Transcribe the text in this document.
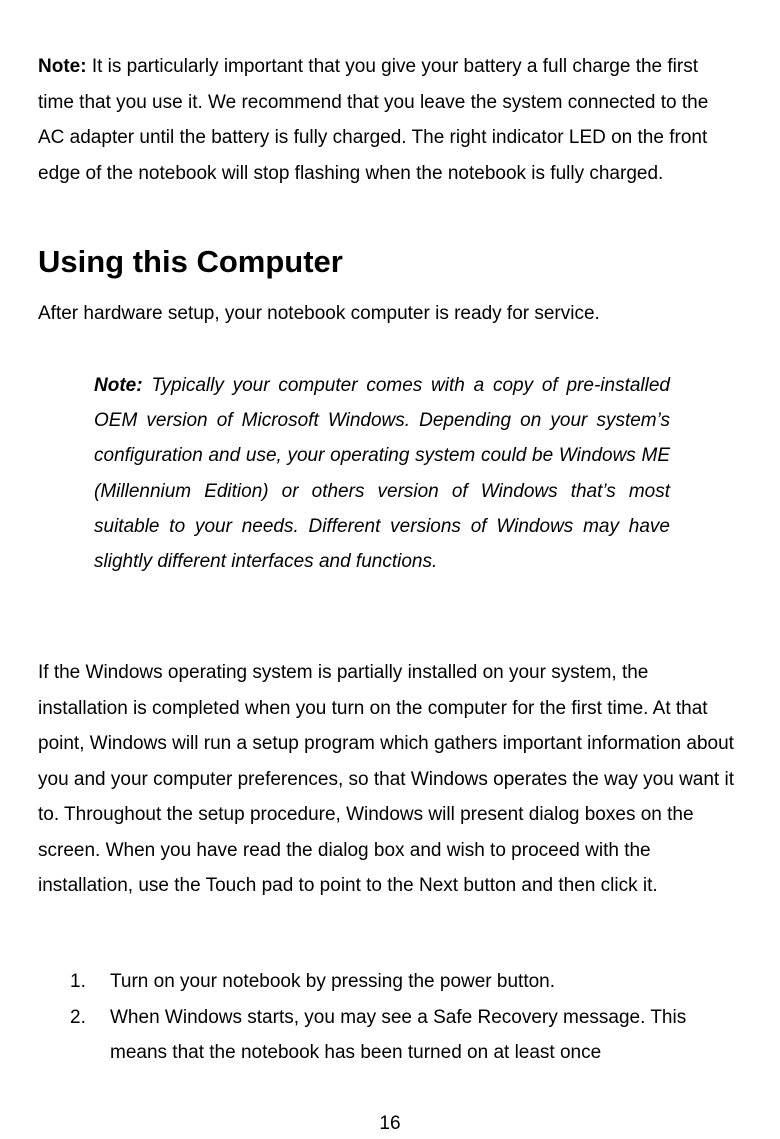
Note: It is particularly important that you give your battery a full charge the first time that you use it. We recommend that you leave the system connected to the AC adapter until the battery is fully charged. The right indicator LED on the front edge of the notebook will stop flashing when the notebook is fully charged.

Using this Computer

After hardware setup, your notebook computer is ready for service.

Note: Typically your computer comes with a copy of pre-installed OEM version of Microsoft Windows. Depending on your system’s configuration and use, your operating system could be Windows ME (Millennium Edition) or others version of Windows that’s most suitable to your needs. Different versions of Windows may have slightly different interfaces and functions.

If the Windows operating system is partially installed on your system, the installation is completed when you turn on the computer for the first time. At that point, Windows will run a setup program which gathers important information about you and your computer preferences, so that Windows operates the way you want it to. Throughout the setup procedure, Windows will present dialog boxes on the screen. When you have read the dialog box and wish to proceed with the installation, use the Touch pad to point to the Next button and then click it.

1. Turn on your notebook by pressing the power button.
2. When Windows starts, you may see a Safe Recovery message. This means that the notebook has been turned on at least once
16
